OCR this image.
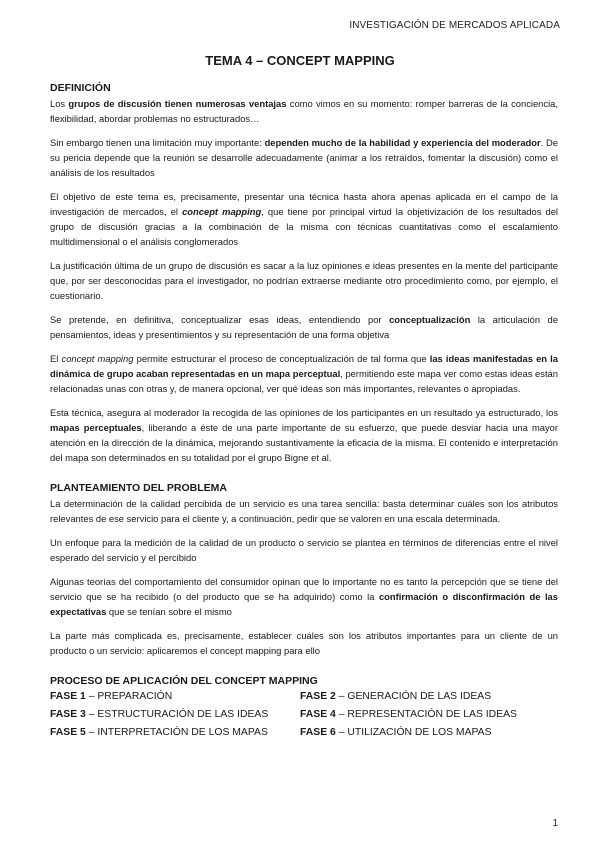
INVESTIGACIÓN DE MERCADOS APLICADA
TEMA 4 – CONCEPT MAPPING
DEFINICIÓN

Los grupos de discusión tienen numerosas ventajas como vimos en su momento: romper barreras de la conciencia, flexibilidad, abordar problemas no estructurados…

Sin embargo tienen una limitación muy importante: dependen mucho de la habilidad y experiencia del moderador. De su pericia depende que la reunión se desarrolle adecuadamente (animar a los retraídos, fomentar la discusión) como el análisis de los resultados

El objetivo de este tema es, precisamente, presentar una técnica hasta ahora apenas aplicada en el campo de la investigación de mercados, el concept mapping, que tiene por principal virtud la objetivización de los resultados del grupo de discusión gracias a la combinación de la misma con técnicas cuantitativas como el escalamiento multidimensional o el análisis conglomerados

La justificación última de un grupo de discusión es sacar a la luz opiniones e ideas presentes en la mente del participante que, por ser desconocidas para el investigador, no podrían extraerse mediante otro procedimiento como, por ejemplo, el cuestionario.

Se pretende, en definitiva, conceptualizar esas ideas, entendiendo por conceptualización la articulación de pensamientos, ideas y presentimientos y su representación de una forma objetiva

El concept mapping permite estructurar el proceso de conceptualización de tal forma que las ideas manifestadas en la dinámica de grupo acaban representadas en un mapa perceptual, permitiendo este mapa ver como estas ideas están relacionadas unas con otras y, de manera opcional, ver qué ideas son más importantes, relevantes o apropiadas.

Esta técnica, asegura al moderador la recogida de las opiniones de los participantes en un resultado ya estructurado, los mapas perceptuales, liberando a éste de una parte importante de su esfuerzo, que puede desviar hacia una mayor atención en la dirección de la dinámica, mejorando sustantivamente la eficacia de la misma. El contenido e interpretación del mapa son determinados en su totalidad por el grupo Bigne et al.

PLANTEAMIENTO DEL PROBLEMA

La determinación de la calidad percibida de un servicio es una tarea sencilla: basta determinar cuáles son los atributos relevantes de ese servicio para el cliente y, a continuación, pedir que se valoren en una escala determinada.

Un enfoque para la medición de la calidad de un producto o servicio se plantea en términos de diferencias entre el nivel esperado del servicio y el percibido

Algunas teorías del comportamiento del consumidor opinan que lo importante no es tanto la percepción que se tiene del servicio que se ha recibido (o del producto que se ha adquirido) como la confirmación o disconfirmación de las expectativas que se tenían sobre el mismo

La parte más complicada es, precisamente, establecer cuáles son los atributos importantes para un cliente de un producto o un servicio: aplicaremos el concept mapping para ello

PROCESO DE APLICACIÓN DEL CONCEPT MAPPING
FASE 1 – PREPARACIÓN	FASE 2 – GENERACIÓN DE LAS IDEAS
FASE 3 – ESTRUCTURACIÓN DE LAS IDEAS	FASE 4 – REPRESENTACIÓN DE LAS IDEAS
FASE 5 – INTERPRETACIÓN DE LOS MAPAS	FASE 6 – UTILIZACIÓN DE LOS MAPAS
1
